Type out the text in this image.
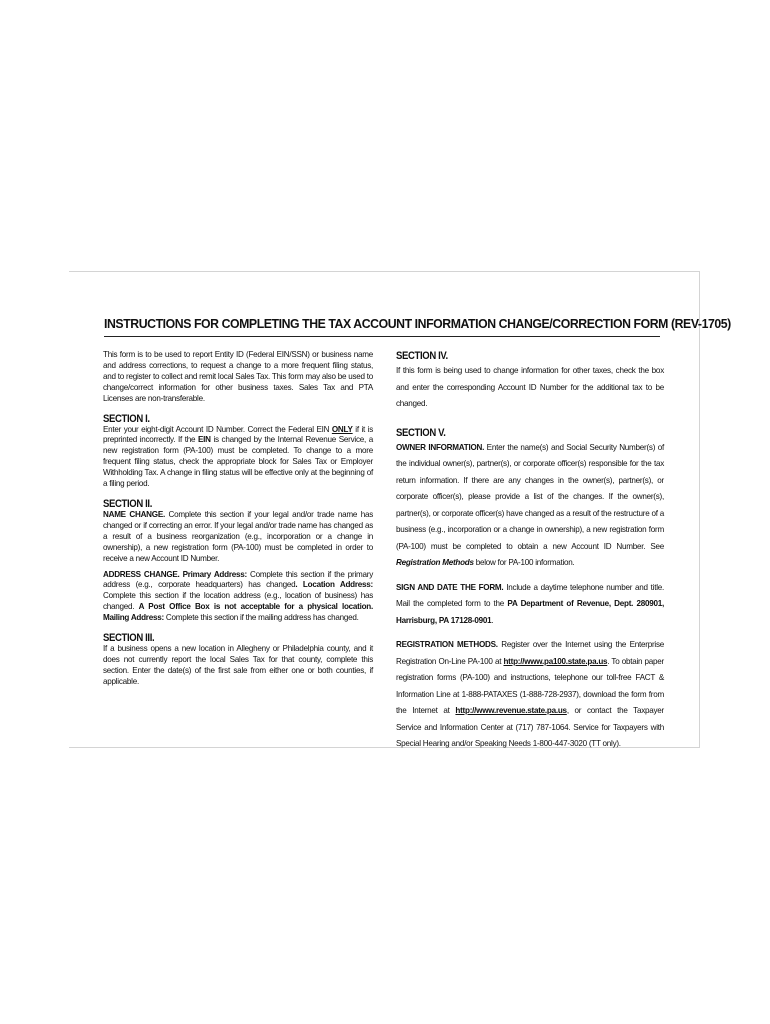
INSTRUCTIONS FOR COMPLETING THE TAX ACCOUNT INFORMATION CHANGE/CORRECTION FORM (REV-1705)

This form is to be used to report Entity ID (Federal EIN/SSN) or business name and address corrections, to request a change to a more frequent filing status, and to register to collect and remit local Sales Tax. This form may also be used to change/correct information for other business taxes. Sales Tax and PTA Licenses are non-transferable.

SECTION I.

Enter your eight-digit Account ID Number. Correct the Federal EIN ONLY if it is preprinted incorrectly. If the EIN is changed by the Internal Revenue Service, a new registration form (PA-100) must be completed. To change to a more frequent filing status, check the appropriate block for Sales Tax or Employer Withholding Tax. A change in filing status will be effective only at the beginning of a filing period.

SECTION II.

NAME CHANGE. Complete this section if your legal and/or trade name has changed or if correcting an error. If your legal and/or trade name has changed as a result of a business reorganization (e.g., incorporation or a change in ownership), a new registration form (PA-100) must be completed in order to receive a new Account ID Number.

ADDRESS CHANGE. Primary Address: Complete this section if the primary address (e.g., corporate headquarters) has changed. Location Address: Complete this section if the location address (e.g., location of business) has changed. A Post Office Box is not acceptable for a physical location. Mailing Address: Complete this section if the mailing address has changed.

SECTION III.

If a business opens a new location in Allegheny or Philadelphia county, and it does not currently report the local Sales Tax for that county, complete this section. Enter the date(s) of the first sale from either one or both counties, if applicable.

SECTION IV.

If this form is being used to change information for other taxes, check the box and enter the corresponding Account ID Number for the additional tax to be changed.

SECTION V.

OWNER INFORMATION. Enter the name(s) and Social Security Number(s) of the individual owner(s), partner(s), or corporate officer(s) responsible for the tax return information. If there are any changes in the owner(s), partner(s), or corporate officer(s), please provide a list of the changes. If the owner(s), partner(s), or corporate officer(s) have changed as a result of the restructure of a business (e.g., incorporation or a change in ownership), a new registration form (PA-100) must be completed to obtain a new Account ID Number. See Registration Methods below for PA-100 information.

SIGN AND DATE THE FORM. Include a daytime telephone number and title. Mail the completed form to the PA Department of Revenue, Dept. 280901, Harrisburg, PA 17128-0901.

REGISTRATION METHODS. Register over the Internet using the Enterprise Registration On-Line PA-100 at http://www.pa100.state.pa.us. To obtain paper registration forms (PA-100) and instructions, telephone our toll-free FACT & Information Line at 1-888-PATAXES (1-888-728-2937), download the form from the Internet at http://www.revenue.state.pa.us, or contact the Taxpayer Service and Information Center at (717) 787-1064. Service for Taxpayers with Special Hearing and/or Speaking Needs 1-800-447-3020 (TT only).
